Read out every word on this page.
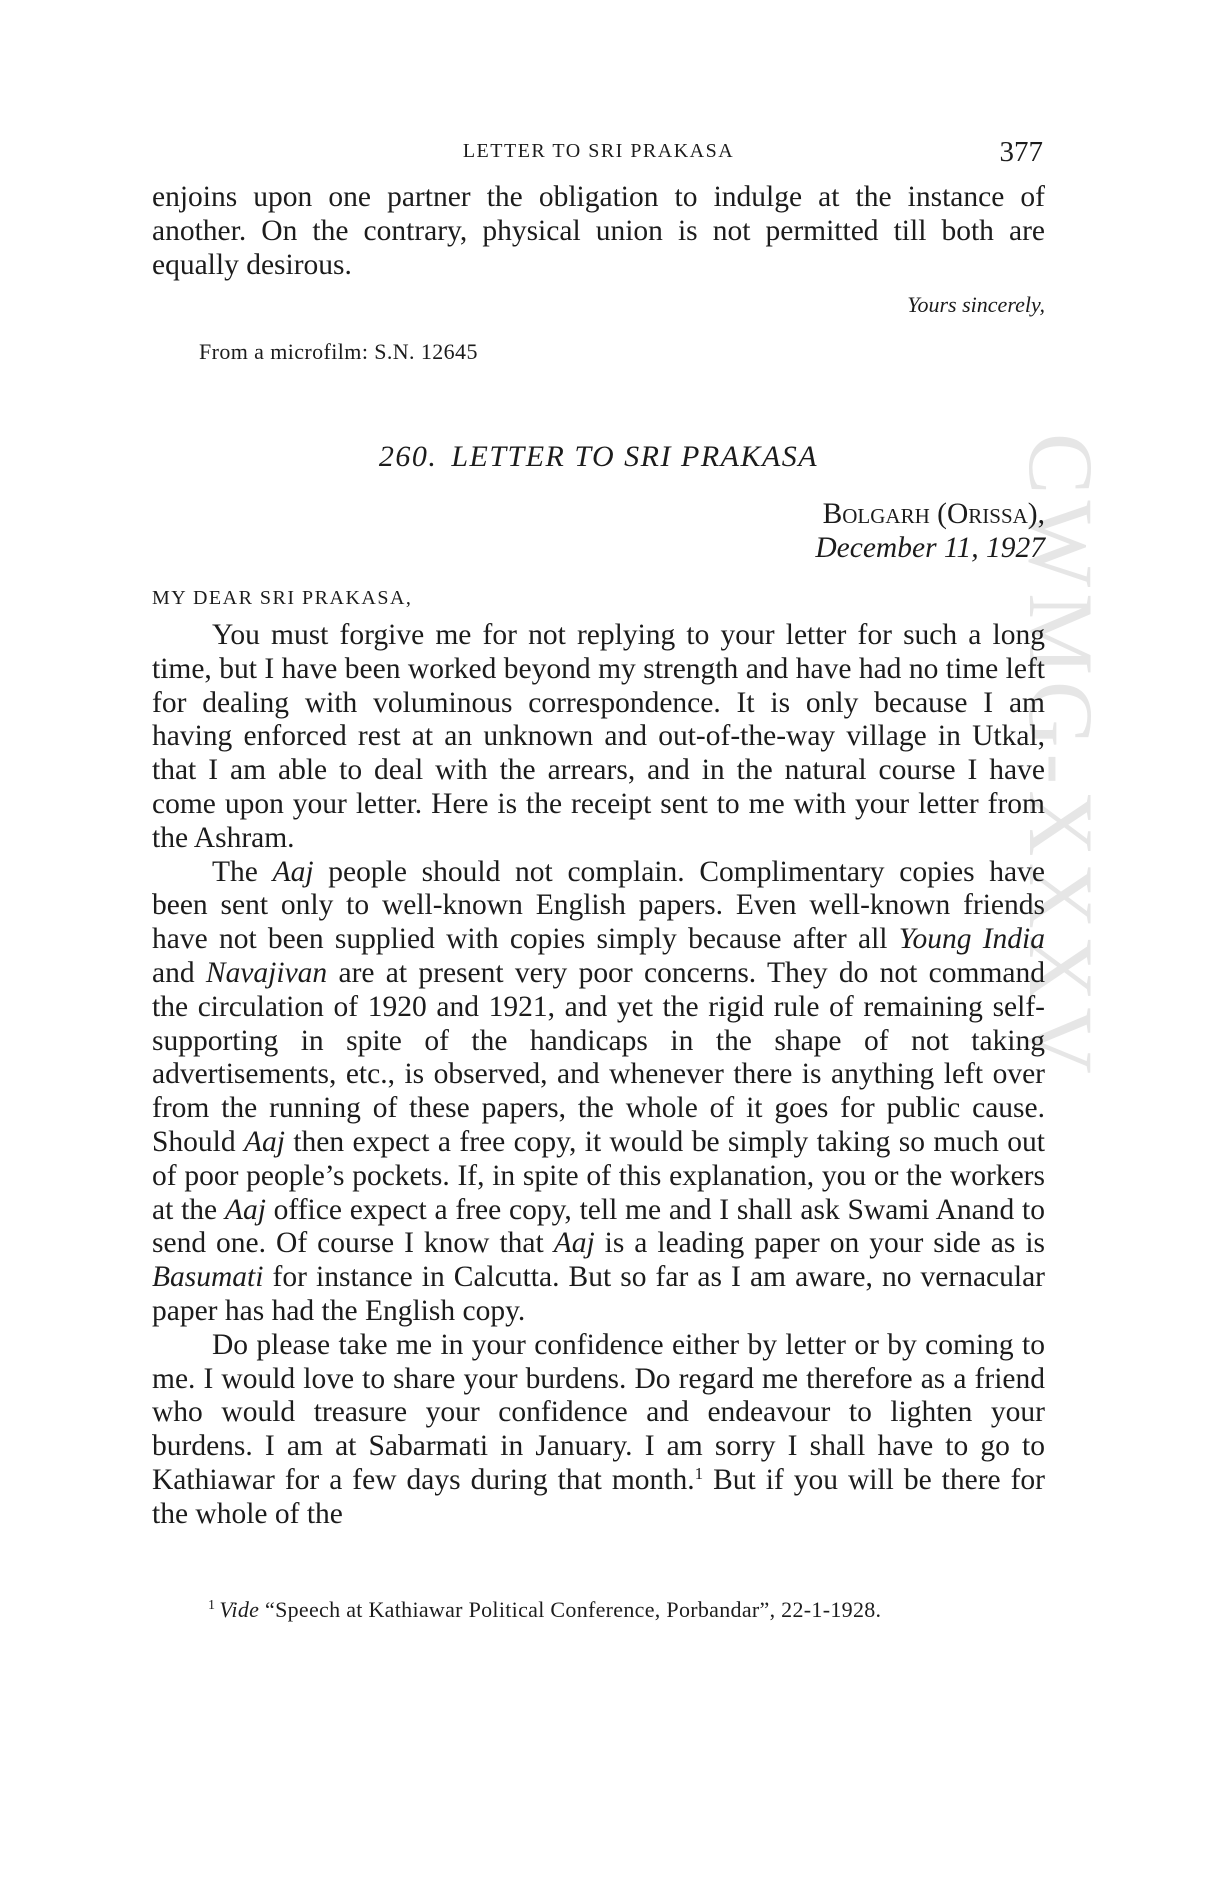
CWMG-XXXV
LETTER TO SRI PRAKASA	377

enjoins upon one partner the obligation to indulge at the instance of another. On the contrary, physical union is not permitted till both are equally desirous.

Yours sincerely,
From a microfilm: S.N. 12645
260. LETTER TO SRI PRAKASA
Bolgarh (Orissa),
December 11, 1927
MY DEAR SRI PRAKASA,

You must forgive me for not replying to your letter for such a long time, but I have been worked beyond my strength and have had no time left for dealing with voluminous correspondence. It is only because I am having enforced rest at an unknown and out-of-the-way village in Utkal, that I am able to deal with the arrears, and in the natural course I have come upon your letter. Here is the receipt sent to me with your letter from the Ashram.

The Aaj people should not complain. Complimentary copies have been sent only to well-known English papers. Even well-known friends have not been supplied with copies simply because after all Young India and Navajivan are at present very poor concerns. They do not command the circulation of 1920 and 1921, and yet the rigid rule of remaining self-supporting in spite of the handicaps in the shape of not taking advertisements, etc., is observed, and whenever there is anything left over from the running of these papers, the whole of it goes for public cause. Should Aaj then expect a free copy, it would be simply taking so much out of poor people’s pockets. If, in spite of this explanation, you or the workers at the Aaj office expect a free copy, tell me and I shall ask Swami Anand to send one. Of course I know that Aaj is a leading paper on your side as is Basumati for instance in Calcutta. But so far as I am aware, no vernacular paper has had the English copy.

Do please take me in your confidence either by letter or by coming to me. I would love to share your burdens. Do regard me therefore as a friend who would treasure your confidence and endeavour to lighten your burdens. I am at Sabarmati in January. I am sorry I shall have to go to Kathiawar for a few days during that month.$^1$ But if you will be there for the whole of the

$^1$ Vide “Speech at Kathiawar Political Conference, Porbandar”, 22-1-1928.
